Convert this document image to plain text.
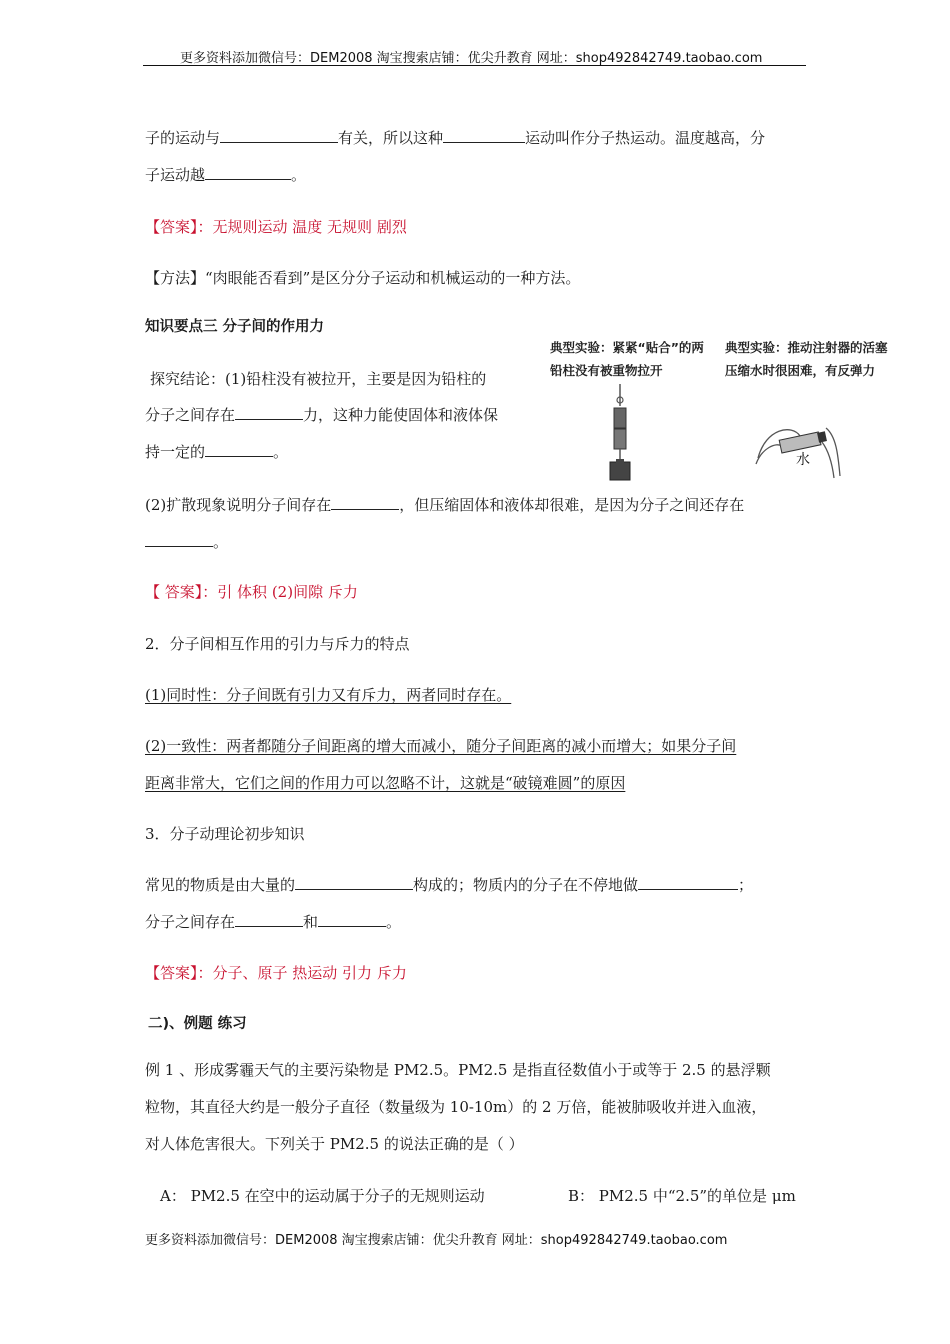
更多资料添加微信号：DEM2008 淘宝搜索店铺：优尖升教育 网址：shop492842749.taobao.com
子的运动与	有关，所以这种	运动叫作分子热运动。温度越高，分
子运动越	。
【答案】：无规则运动 温度 无规则 剧烈
【方法】“肉眼能否看到”是区分分子运动和机械运动的一种方法。
知识要点三 分子间的作用力
探究结论：(1)铅柱没有被拉开，主要是因为铅柱的
分子之间存在	力，这种力能使固体和液体保
持一定的	。
典型实验：紧紧“贴合”的两铅柱没有被重物拉开
典型实验：推动注射器的活塞压缩水时很困难，有反弹力
水
(2)扩散现象说明分子间存在	，但压缩固体和液体却很难，是因为分子之间还存在
。
【 答案】：引 体积 (2)间隙 斥力
2．分子间相互作用的引力与斥力的特点
(1)同时性：分子间既有引力又有斥力，两者同时存在。
(2)一致性：两者都随分子间距离的增大而减小，随分子间距离的减小而增大；如果分子间
距离非常大，它们之间的作用力可以忽略不计，这就是“破镜难圆”的原因
3．分子动理论初步知识
常见的物质是由大量的	构成的；物质内的分子在不停地做	；
分子之间存在	和	。
【答案】：分子、原子 热运动 引力 斥力
二)、例题 练习
例 1 、形成雾霾天气的主要污染物是 PM2.5。PM2.5 是指直径数值小于或等于 2.5 的悬浮颗
粒物，其直径大约是一般分子直径（数量级为 10-10m）的 2 万倍，能被肺吸收并进入血液，
对人体危害很大。下列关于 PM2.5 的说法正确的是（ ）
A： PM2.5 在空中的运动属于分子的无规则运动	B： PM2.5 中“2.5”的单位是 μm
更多资料添加微信号：DEM2008 淘宝搜索店铺：优尖升教育 网址：shop492842749.taobao.com
